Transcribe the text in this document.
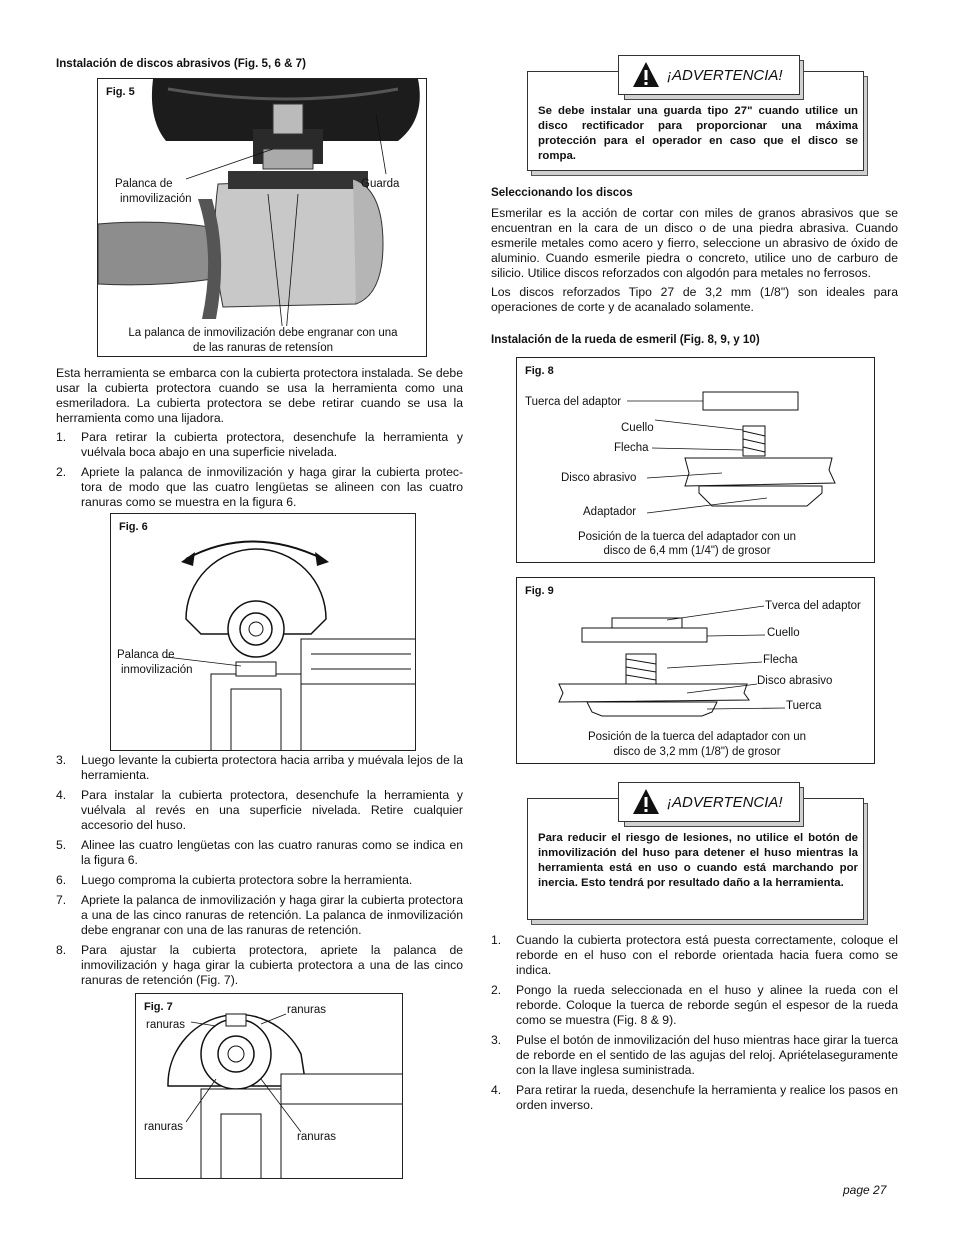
Instalación de discos abrasivos (Fig. 5, 6 & 7)
Fig. 5
Palanca de
inmovilización
Guarda
La palanca de inmovilización debe engranar con una
de las ranuras de retensíon
Esta herramienta se embarca con la cubierta protectora instalada. Se debe usar la cubierta protectora cuando se usa la herramienta como una esmeriladora. La cubierta protectora se debe retirar cuando se usa la herramienta como una lijadora.
1. Para retirar la cubierta protectora, desenchufe la herramienta y vuélvala boca abajo en una superficie nivelada.
2. Apriete la palanca de inmovilización y haga girar la cubierta protec-tora de modo que las cuatro lengüetas se alineen con las cuatro ranuras como se muestra en la figura 6.
Fig. 6
Palanca de
inmovilización
3. Luego levante la cubierta protectora hacia arriba y muévala lejos de la herramienta.
4. Para instalar la cubierta protectora, desenchufe la herramienta y vuélvala al revés en una superficie nivelada. Retire cualquier accesorio del huso.
5. Alinee las cuatro lengüetas con las cuatro ranuras como se indica en la figura 6.
6. Luego comproma la cubierta protectora sobre la herramienta.
7. Apriete la palanca de inmovilización y haga girar la cubierta protectora a una de las cinco ranuras de retención. La palanca de inmovilización debe engranar con una de las ranuras de retención.
8. Para ajustar la cubierta protectora, apriete la palanca de inmovilización y haga girar la cubierta protectora a una de las cinco ranuras de retención (Fig. 7).
Fig. 7
ranuras
ranuras
ranuras
ranuras
Se debe instalar una guarda tipo 27" cuando utilice un disco rectificador para proporcionar una máxima protección para el operador en caso que el disco se rompa.
¡ADVERTENCIA!
Seleccionando los discos
Esmerilar es la acción de cortar con miles de granos abrasivos que se encuentran en la cara de un disco o de una piedra abrasiva. Cuando esmerile metales como acero y fierro, seleccione un abrasivo de óxido de aluminio. Cuando esmerile piedra o concreto, utilice uno de carburo de silicio. Utilice discos reforzados con algodón para metales no ferrosos.
Los discos reforzados Tipo 27 de 3,2 mm (1/8") son ideales para operaciones de corte y de acanalado solamente.
Instalación de la rueda de esmeril (Fig. 8, 9, y 10)
Fig. 8
Tuerca del adaptor
Cuello
Flecha
Disco abrasivo
Adaptador
Posición de la tuerca del adaptador con un
disco de 6,4 mm (1/4") de grosor
Fig. 9
Tverca del adaptor
Cuello
Flecha
Disco abrasivo
Tuerca
Posición de la tuerca del adaptador con un
disco de 3,2 mm (1/8") de grosor
Para reducir el riesgo de lesiones, no utilice el botón de inmovilización del huso para detener el huso mientras la herramienta está en uso o cuando está marchando por inercia. Esto tendrá por resultado daño a la herramienta.
¡ADVERTENCIA!
1. Cuando la cubierta protectora está puesta correctamente, coloque el reborde en el huso con el reborde orientada hacia fuera como se indica.
2. Pongo la rueda seleccionada en el huso y alinee la rueda con el reborde. Coloque la tuerca de reborde según el espesor de la rueda como se muestra (Fig. 8 & 9).
3. Pulse el botón de inmovilización del huso mientras hace girar la tuerca de reborde en el sentido de las agujas del reloj. Apriételaseguramente con la llave inglesa suministrada.
4. Para retirar la rueda, desenchufe la herramienta y realice los pasos en orden inverso.
page 27
